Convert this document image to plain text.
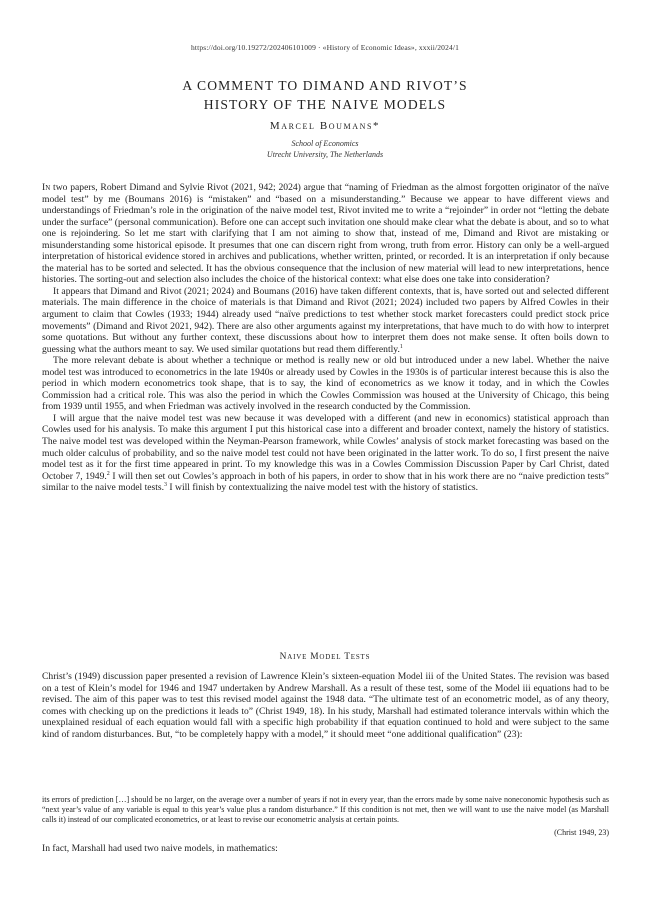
https://doi.org/10.19272/202406101009 · «History of Economic Ideas», xxxii/2024/1
A COMMENT TO DIMAND AND RIVOT’S
HISTORY OF THE NAIVE MODELS
Marcel Boumans*
School of Economics
Utrecht University, The Netherlands

In two papers, Robert Dimand and Sylvie Rivot (2021, 942; 2024) argue that “naming of Friedman as the almost forgotten originator of the naïve model test” by me (Boumans 2016) is “mistaken” and “based on a misunderstanding.” Because we appear to have different views and understandings of Friedman’s role in the origination of the naive model test, Rivot invited me to write a “rejoinder” in order not “letting the debate under the surface” (personal communication). Before one can accept such invitation one should make clear what the debate is about, and so to what one is rejoindering. So let me start with clarifying that I am not aiming to show that, instead of me, Dimand and Rivot are mistaking or misunderstanding some historical episode. It presumes that one can discern right from wrong, truth from error. History can only be a well-argued interpretation of historical evidence stored in archives and publications, whether written, printed, or recorded. It is an interpretation if only because the material has to be sorted and selected. It has the obvious consequence that the inclusion of new material will lead to new interpretations, hence histories. The sorting-out and selection also includes the choice of the historical context: what else does one take into consideration?

It appears that Dimand and Rivot (2021; 2024) and Boumans (2016) have taken different contexts, that is, have sorted out and selected different materials. The main difference in the choice of materials is that Dimand and Rivot (2021; 2024) included two papers by Alfred Cowles in their argument to claim that Cowles (1933; 1944) already used “naïve predictions to test whether stock market forecasters could predict stock price movements” (Dimand and Rivot 2021, 942). There are also other arguments against my interpretations, that have much to do with how to interpret some quotations. But without any further context, these discussions about how to interpret them does not make sense. It often boils down to guessing what the authors meant to say. We used similar quotations but read them differently.$^1$

The more relevant debate is about whether a technique or method is really new or old but introduced under a new label. Whether the naive model test was introduced to econometrics in the late 1940s or already used by Cowles in the 1930s is of particular interest because this is also the period in which modern econometrics took shape, that is to say, the kind of econometrics as we know it today, and in which the Cowles Commission had a critical role. This was also the period in which the Cowles Commission was housed at the University of Chicago, this being from 1939 until 1955, and when Friedman was actively involved in the research conducted by the Commission.

I will argue that the naive model test was new because it was developed with a different (and new in economics) statistical approach than Cowles used for his analysis. To make this argument I put this historical case into a different and broader context, namely the history of statistics. The naive model test was developed within the Neyman-Pearson framework, while Cowles’ analysis of stock market forecasting was based on the much older calculus of probability, and so the naive model test could not have been originated in the latter work. To do so, I first present the naive model test as it for the first time appeared in print. To my knowledge this was in a Cowles Commission Discussion Paper by Carl Christ, dated October 7, 1949.$^2$ I will then set out Cowles’s approach in both of his papers, in order to show that in his work there are no “naive prediction tests” similar to the naive model tests.$^3$ I will finish by contextualizing the naive model test with the history of statistics.

Naive Model Tests

Christ’s (1949) discussion paper presented a revision of Lawrence Klein’s sixteen-equation Model iii of the United States. The revision was based on a test of Klein’s model for 1946 and 1947 undertaken by Andrew Marshall. As a result of these test, some of the Model iii equations had to be revised. The aim of this paper was to test this revised model against the 1948 data. “The ultimate test of an econometric model, as of any theory, comes with checking up on the predictions it leads to” (Christ 1949, 18). In his study, Marshall had estimated tolerance intervals within which the unexplained residual of each equation would fall with a specific high probability if that equation continued to hold and were subject to the same kind of random disturbances. But, “to be completely happy with a model,” it should meet “one additional qualification” (23):

its errors of prediction […] should be no larger, on the average over a number of years if not in every year, than the errors made by some naive noneconomic hypothesis such as “next year’s value of any variable is equal to this year’s value plus a random disturbance.” If this condition is not met, then we will want to use the naive model (as Marshall calls it) instead of our complicated econometrics, or at least to revise our econometric analysis at certain points.
(Christ 1949, 23)
In fact, Marshall had used two naive models, in mathematics:
